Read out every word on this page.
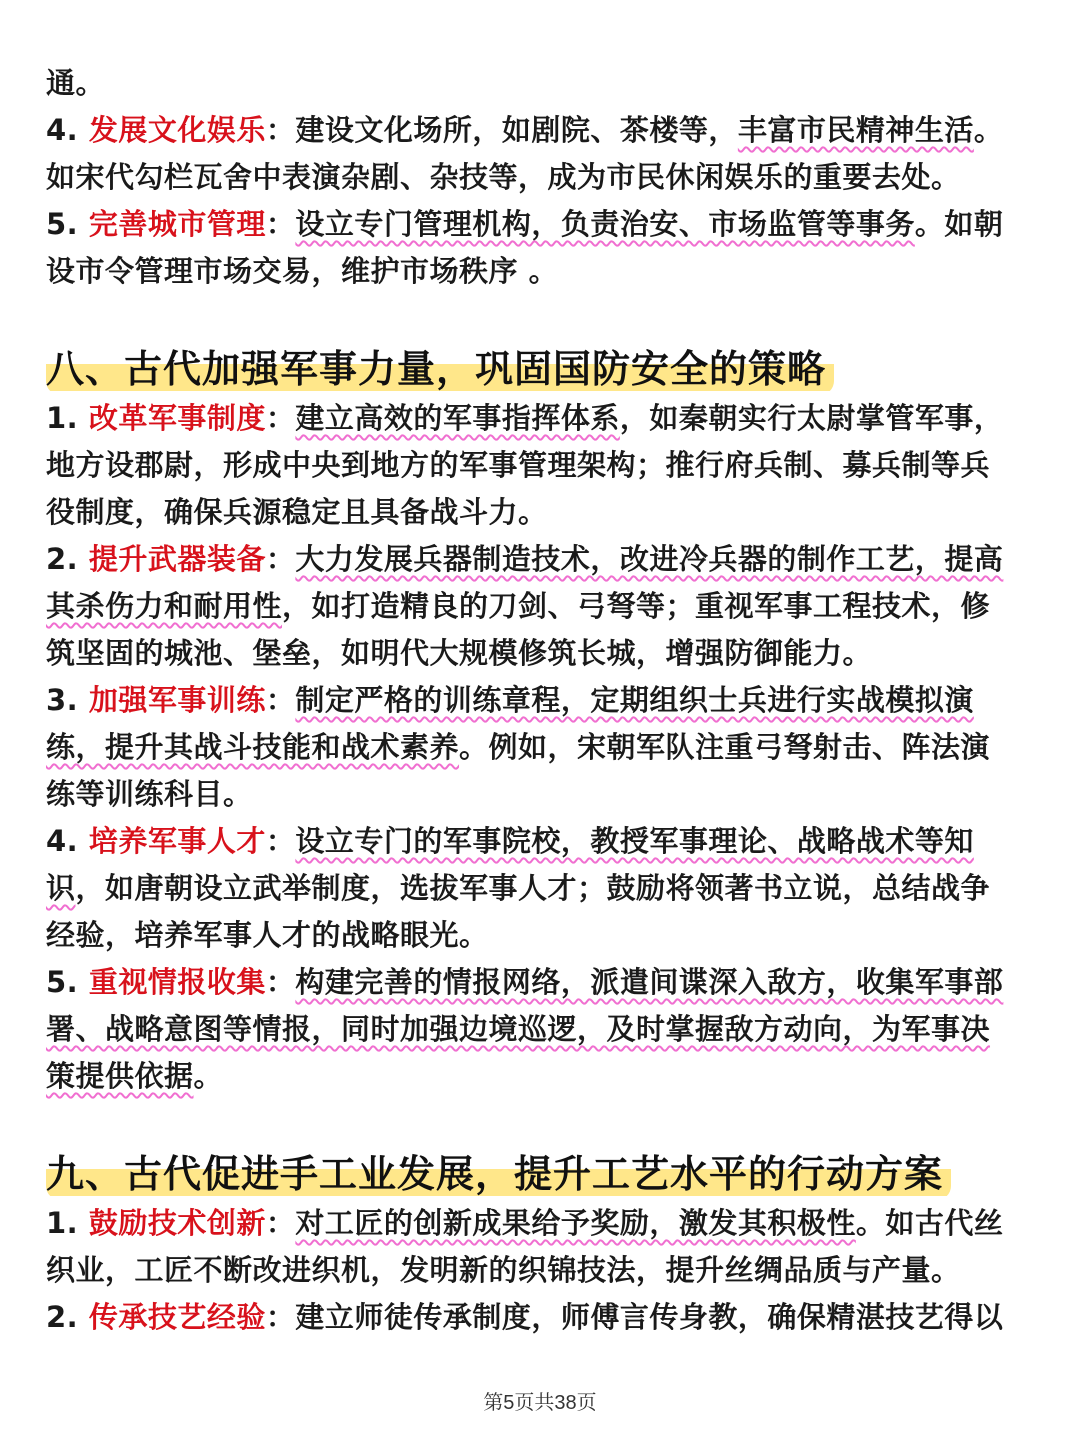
通。
4. 发展文化娱乐：建设文化场所，如剧院、茶楼等，丰富市民精神生活。
如宋代勾栏瓦舍中表演杂剧、杂技等，成为市民休闲娱乐的重要去处。
5. 完善城市管理：设立专门管理机构，负责治安、市场监管等事务。如朝
设市令管理市场交易，维护市场秩序 。
八、古代加强军事力量，巩固国防安全的策略
1. 改革军事制度：建立高效的军事指挥体系，如秦朝实行太尉掌管军事，
地方设郡尉，形成中央到地方的军事管理架构；推行府兵制、募兵制等兵
役制度，确保兵源稳定且具备战斗力。
2. 提升武器装备：大力发展兵器制造技术，改进冷兵器的制作工艺，提高
其杀伤力和耐用性，如打造精良的刀剑、弓弩等；重视军事工程技术，修
筑坚固的城池、堡垒，如明代大规模修筑长城，增强防御能力。
3. 加强军事训练：制定严格的训练章程，定期组织士兵进行实战模拟演
练，提升其战斗技能和战术素养。例如，宋朝军队注重弓弩射击、阵法演
练等训练科目。
4. 培养军事人才：设立专门的军事院校，教授军事理论、战略战术等知
识，如唐朝设立武举制度，选拔军事人才；鼓励将领著书立说，总结战争
经验，培养军事人才的战略眼光。
5. 重视情报收集：构建完善的情报网络，派遣间谍深入敌方，收集军事部
署、战略意图等情报，同时加强边境巡逻，及时掌握敌方动向，为军事决
策提供依据。
九、古代促进手工业发展，提升工艺水平的行动方案
1. 鼓励技术创新：对工匠的创新成果给予奖励，激发其积极性。如古代丝
织业，工匠不断改进织机，发明新的织锦技法，提升丝绸品质与产量。
2. 传承技艺经验：建立师徒传承制度，师傅言传身教，确保精湛技艺得以
第5页共38页
